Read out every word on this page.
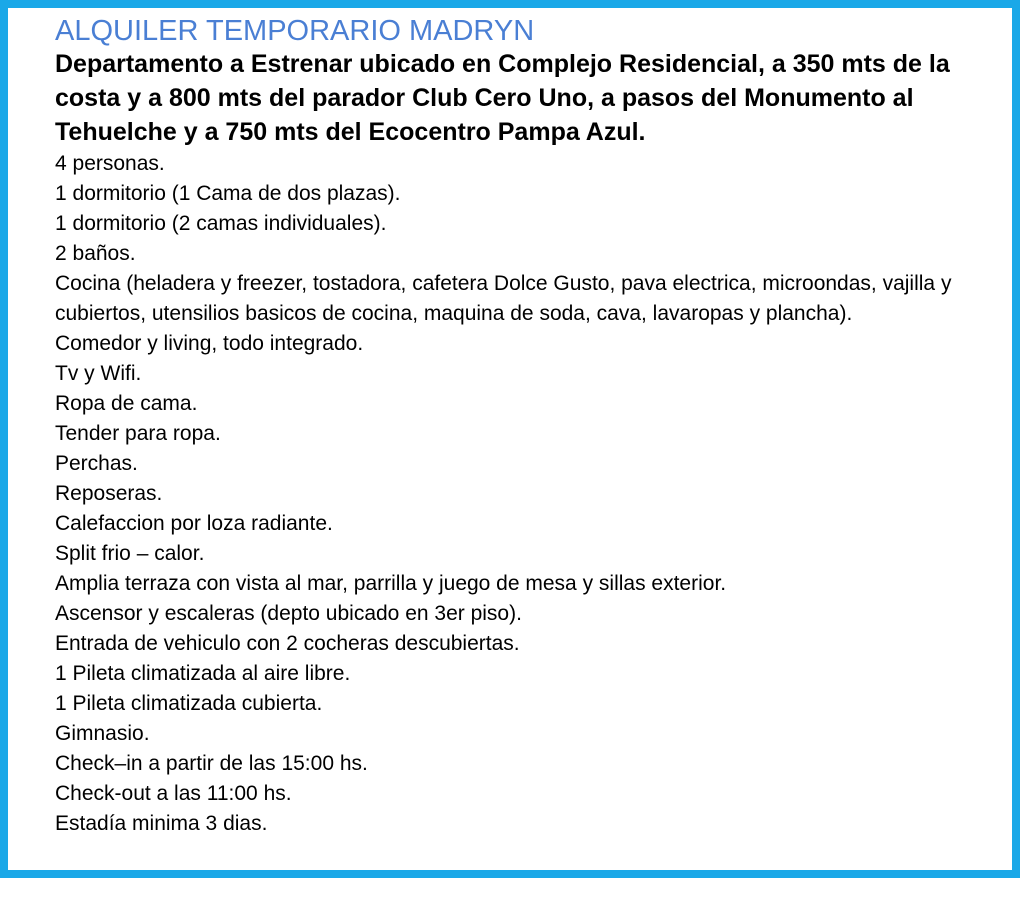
ALQUILER TEMPORARIO MADRYN

Departamento a Estrenar ubicado en Complejo Residencial, a 350 mts de la costa y a 800 mts del parador Club Cero Uno, a pasos del Monumento al Tehuelche y a 750 mts del Ecocentro Pampa Azul.

4 personas.
1 dormitorio (1 Cama de dos plazas).
1 dormitorio (2 camas individuales).
2 baños.
Cocina (heladera y freezer, tostadora, cafetera Dolce Gusto, pava electrica, microondas, vajilla y cubiertos, utensilios basicos de cocina, maquina de soda, cava, lavaropas y plancha).
Comedor y living, todo integrado.
Tv y Wifi.
Ropa de cama.
Tender para ropa.
Perchas.
Reposeras.
Calefaccion por loza radiante.
Split frio – calor.
Amplia terraza con vista al mar, parrilla y juego de mesa y sillas exterior.
Ascensor y escaleras (depto ubicado en 3er piso).
Entrada de vehiculo con 2 cocheras descubiertas.
1 Pileta climatizada al aire libre.
1 Pileta climatizada cubierta.
Gimnasio.
Check–in a partir de las 15:00 hs.
Check-out a las 11:00 hs.
Estadía minima 3 dias.
